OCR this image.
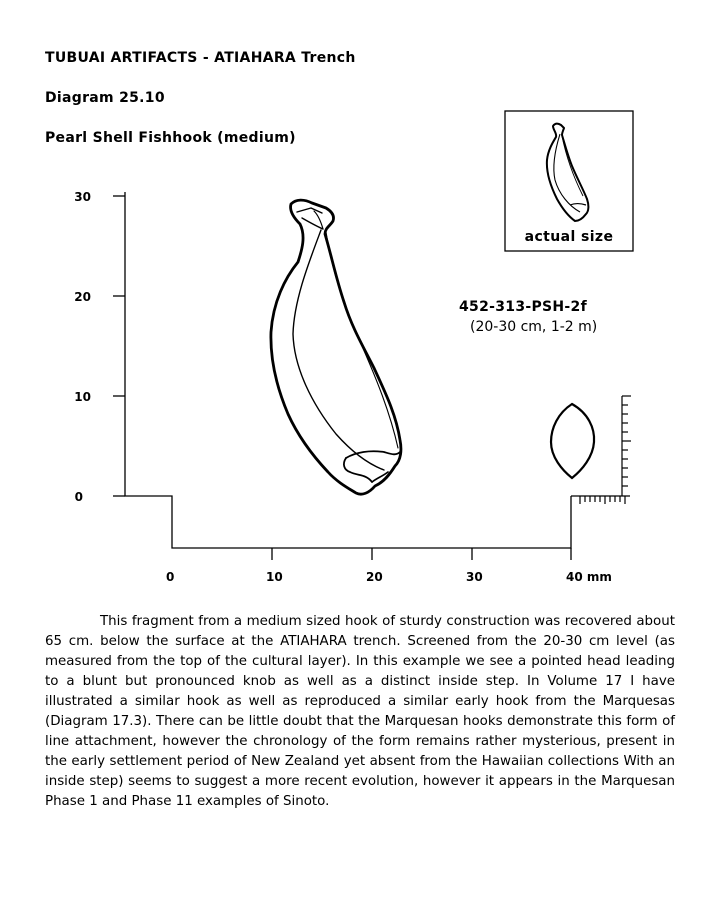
TUBUAI ARTIFACTS - ATIAHARA Trench
Diagram 25.10
Pearl Shell Fishhook (medium)
30
20
10
0
0	10	20	30	40 mm
452-313-PSH-2f
(20-30 cm, 1-2 m)
actual size
This fragment from a medium sized hook of sturdy construction was recovered about 65 cm. below the surface at the ATIAHARA trench. Screened from the 20-30 cm level (as measured from the top of the cultural layer). In this example we see a pointed head leading to a blunt but pronounced knob as well as a distinct inside step. In Volume 17 I have illustrated a similar hook as well as reproduced a similar early hook from the Marquesas (Diagram 17.3). There can be little doubt that the Marquesan hooks demonstrate this form of line attachment, however the chronology of the form remains rather mysterious, present in the early settlement period of New Zealand yet absent from the Hawaiian collections With an inside step) seems to suggest a more recent evolution, however it appears in the Marquesan Phase 1 and Phase 11 examples of Sinoto.
